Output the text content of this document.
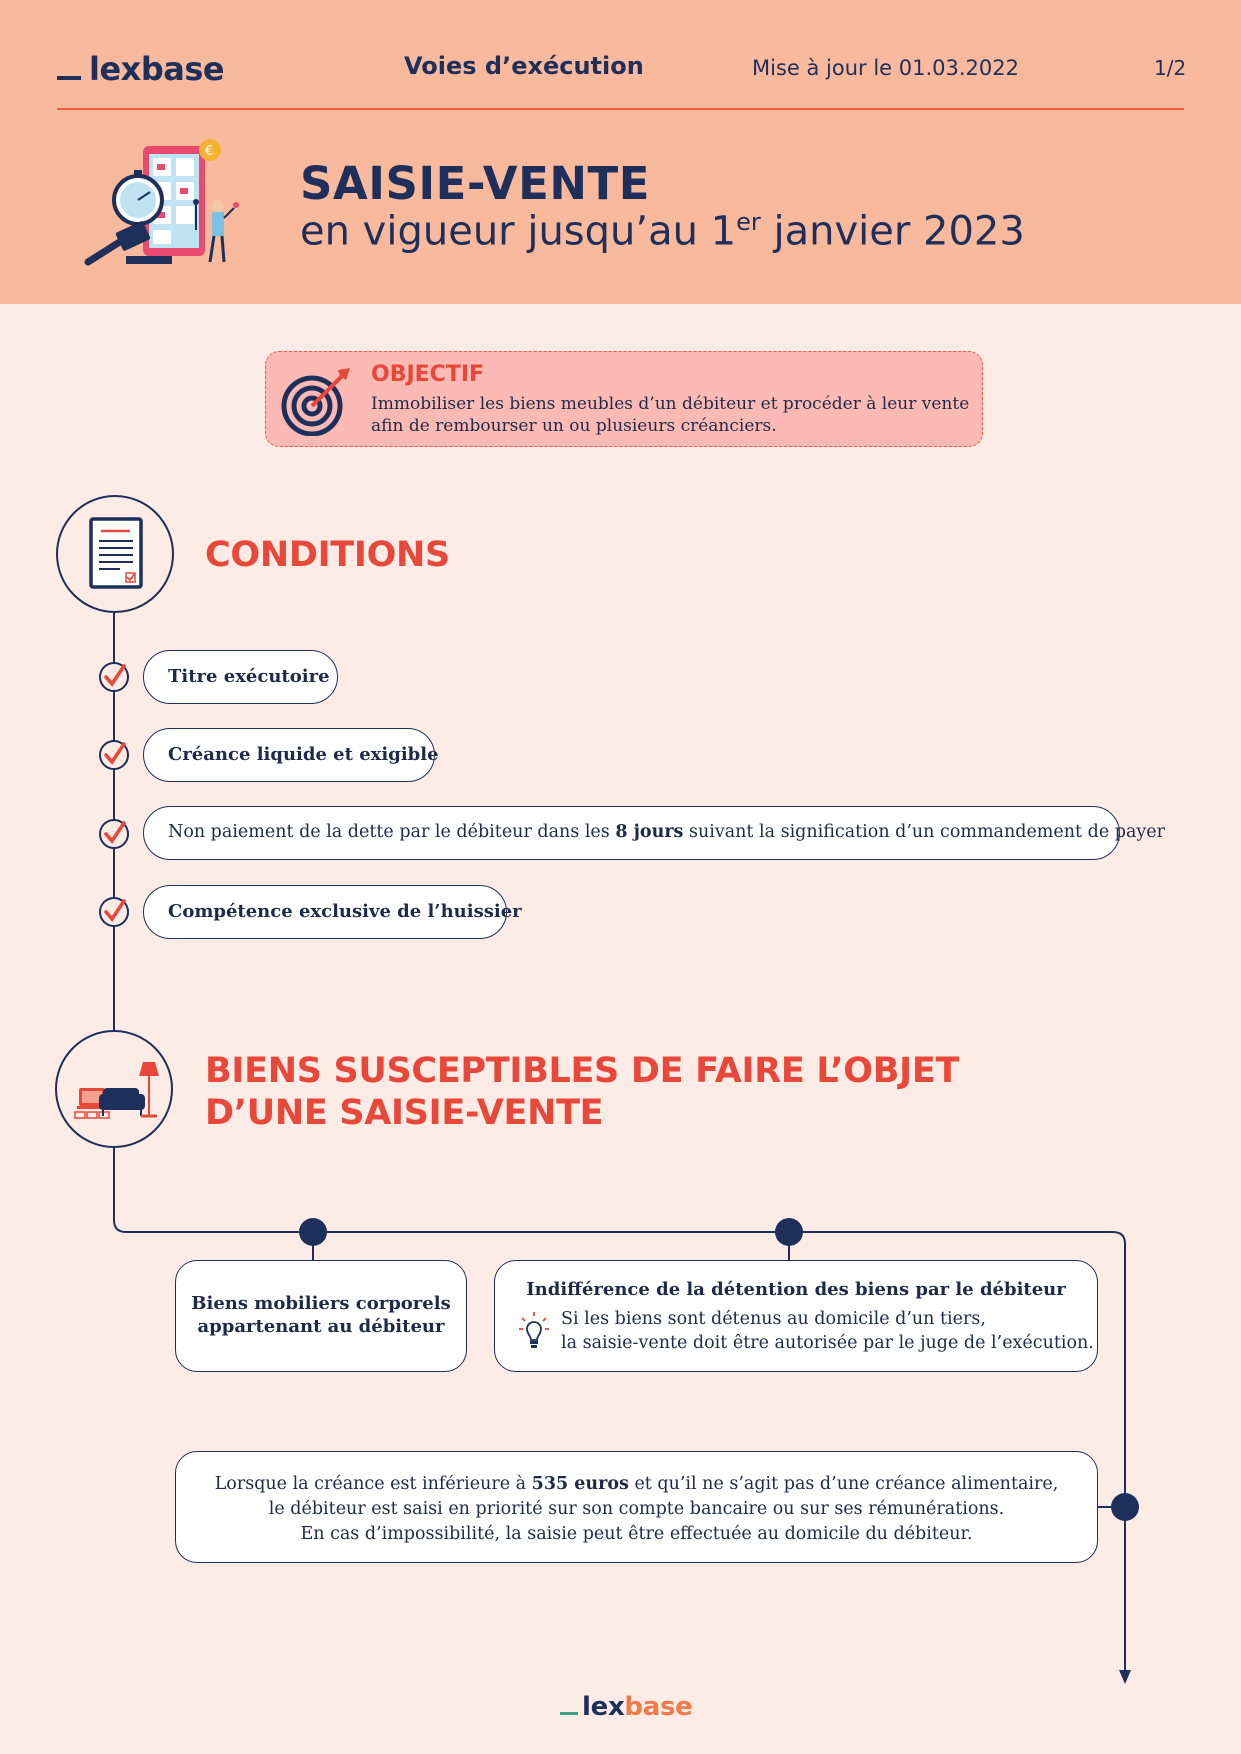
lexbase	Voies d’exécution	Mise à jour le 01.03.2022	1/2
€
SAISIE-VENTE
en vigueur jusqu’au 1er janvier 2023
OBJECTIF
Immobiliser les biens meubles d’un débiteur et procéder à leur vente afin de rembourser un ou plusieurs créanciers.
CONDITIONS
Titre exécutoire
Créance liquide et exigible
Non paiement de la dette par le débiteur dans les 8 jours suivant la signification d’un commandement de payer
Compétence exclusive de l’huissier
BIENS SUSCEPTIBLES DE FAIRE L’OBJET
D’UNE SAISIE-VENTE
Biens mobiliers corporels
appartenant au débiteur
Indifférence de la détention des biens par le débiteur
Si les biens sont détenus au domicile d’un tiers,
la saisie-vente doit être autorisée par le juge de l’exécution.
Lorsque la créance est inférieure à 535 euros et qu’il ne s’agit pas d’une créance alimentaire,
le débiteur est saisi en priorité sur son compte bancaire ou sur ses rémunérations.
En cas d’impossibilité, la saisie peut être effectuée au domicile du débiteur.
lexbase
